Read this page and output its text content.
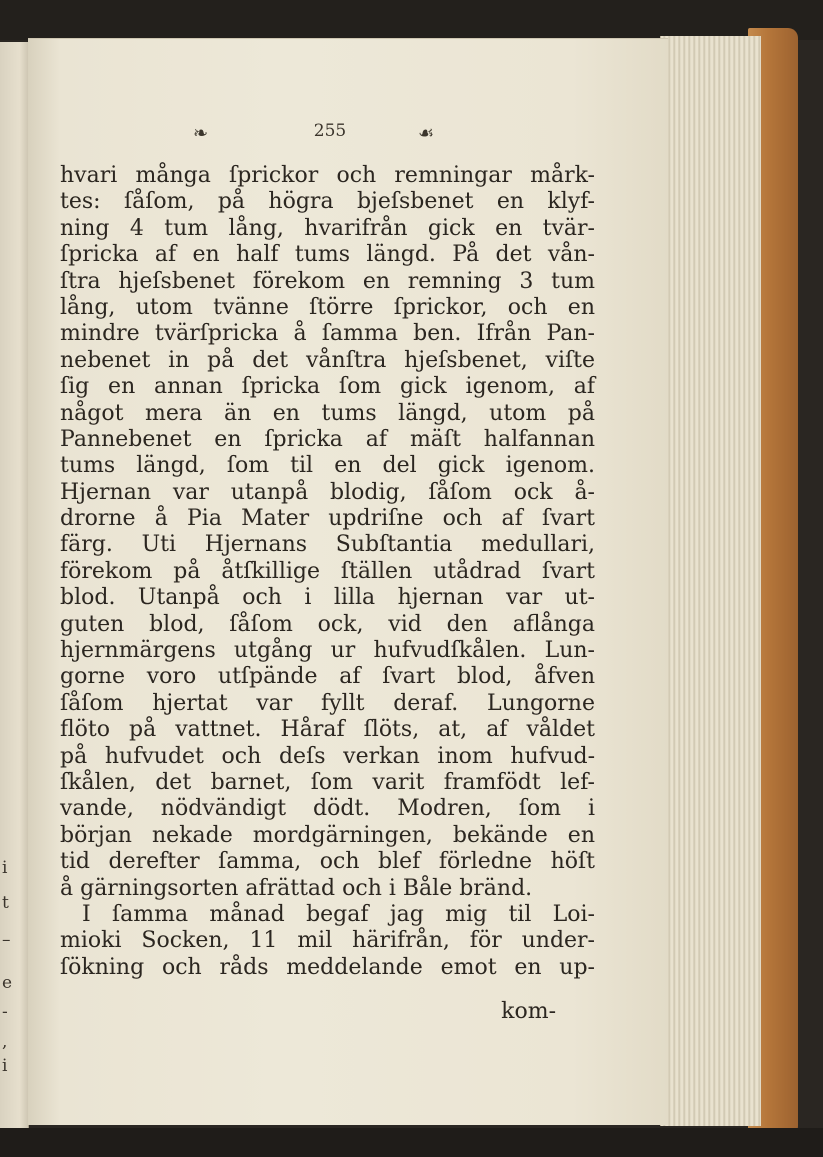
i
t
–
e
-
,
i
❧	255	☙
hvari många ſprickor och remningar mårk-
tes: ſåſom, på högra bjeſsbenet en klyf-
ning 4 tum lång, hvarifrån gick en tvär-
ſpricka af en half tums längd. På det vån-
ſtra hjeſsbenet förekom en remning 3 tum
lång, utom tvänne ſtörre ſprickor, och en
mindre tvärſpricka å ſamma ben. Ifrån Pan-
nebenet in på det vånſtra hjeſsbenet, viſte
ſig en annan ſpricka ſom gick igenom, af
något mera än en tums längd, utom på
Pannebenet en ſpricka af mäſt halfannan
tums längd, ſom til en del gick igenom.
Hjernan var utanpå blodig, ſåſom ock å-
drorne å Pia Mater updriſne och af ſvart
färg. Uti Hjernans Subſtantia medullari,
förekom på åtſkillige ſtällen utådrad ſvart
blod. Utanpå och i lilla hjernan var ut-
guten blod, ſåſom ock, vid den aflånga
hjernmärgens utgång ur hufvudſkålen. Lun-
gorne voro utſpände af ſvart blod, åfven
ſåſom hjertat var fyllt deraf. Lungorne
flöto på vattnet. Håraf ſlöts, at, af våldet
på hufvudet och deſs verkan inom hufvud-
ſkålen, det barnet, ſom varit framfödt lef-
vande, nödvändigt dödt. Modren, ſom i
början nekade mordgärningen, bekände en
tid derefter ſamma, och blef förledne höſt
å gärningsorten afrättad och i Båle bränd.
I ſamma månad begaf jag mig til Loi-
mioki Socken, 11 mil härifrån, för under-
ſökning och råds meddelande emot en up-
kom-
